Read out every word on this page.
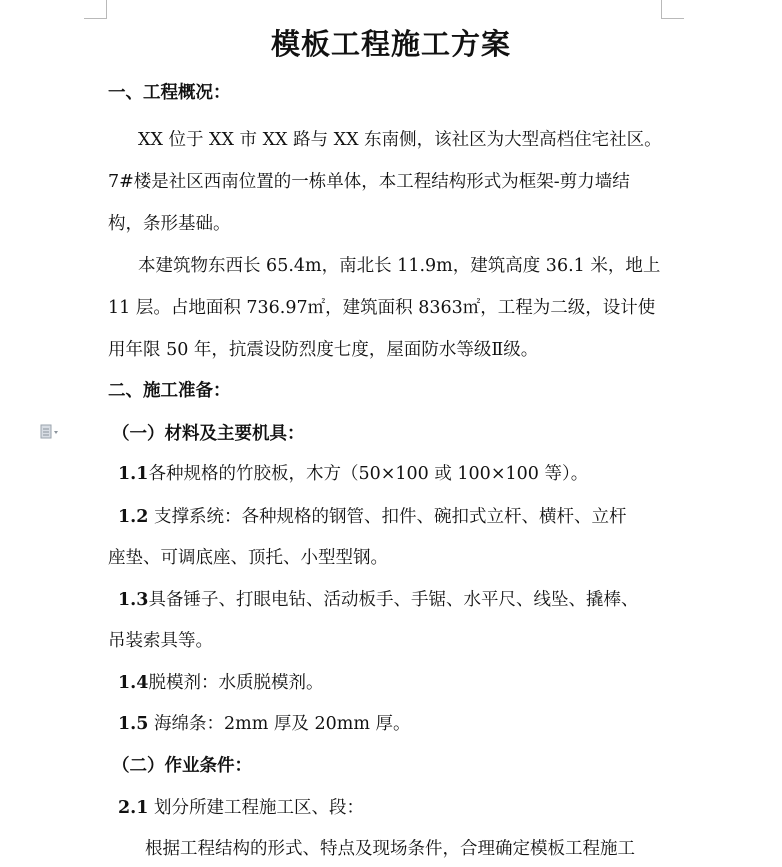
模板工程施工方案
一、工程概况：
XX 位于 XX 市 XX 路与 XX 东南侧，该社区为大型高档住宅社区。
7#楼是社区西南位置的一栋单体，本工程结构形式为框架-剪力墙结
构，条形基础。
本建筑物东西长 65.4m，南北长 11.9m，建筑高度 36.1 米，地上
11 层。占地面积 736.97㎡，建筑面积 8363㎡，工程为二级，设计使
用年限 50 年，抗震设防烈度七度，屋面防水等级Ⅱ级。
二、施工准备：
（一）材料及主要机具：
1.1各种规格的竹胶板，木方（50×100 或 100×100 等）。
1.2 支撑系统：各种规格的钢管、扣件、碗扣式立杆、横杆、立杆
座垫、可调底座、顶托、小型型钢。
1.3具备锤子、打眼电钻、活动板手、手锯、水平尺、线坠、撬棒、
吊装索具等。
1.4脱模剂：水质脱模剂。
1.5 海绵条：2mm 厚及 20mm 厚。
（二）作业条件：
2.1 划分所建工程施工区、段：
根据工程结构的形式、特点及现场条件，合理确定模板工程施工
